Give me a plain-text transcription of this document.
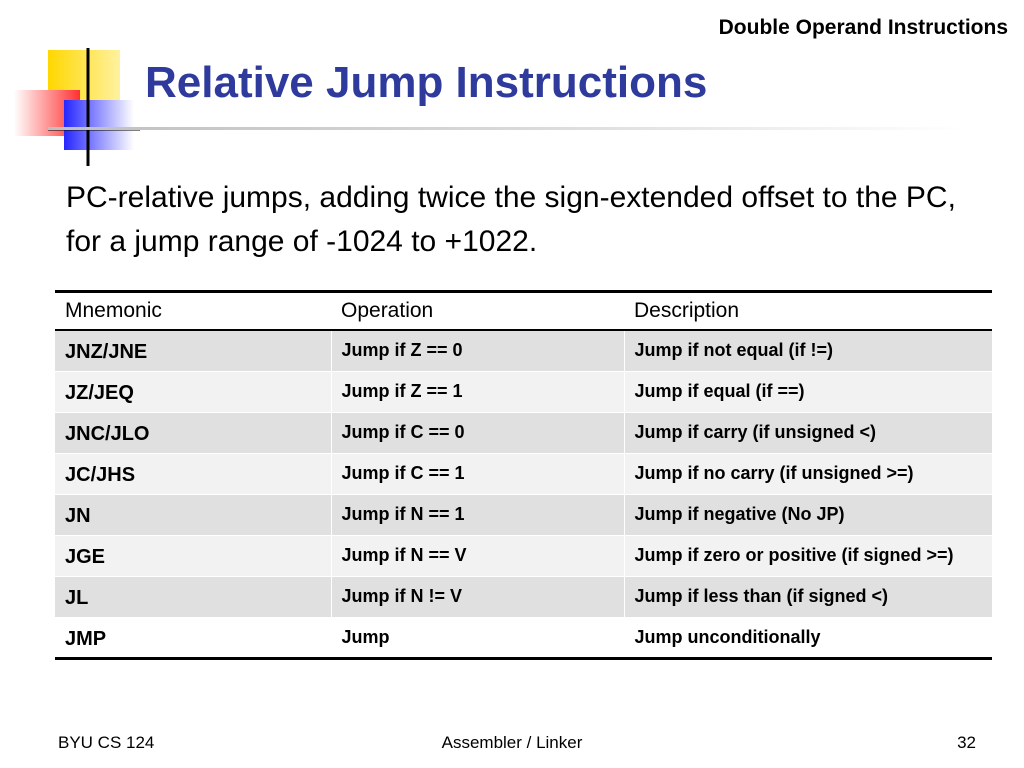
Double Operand Instructions
Relative Jump Instructions
PC-relative jumps, adding twice the sign-extended offset to the PC, for a jump range of -1024 to +1022.
Mnemonic	Operation	Description
JNZ/JNE	Jump if Z == 0	Jump if not equal (if !=)
JZ/JEQ	Jump if Z == 1	Jump if equal (if ==)
JNC/JLO	Jump if C == 0	Jump if carry (if unsigned <)
JC/JHS	Jump if C == 1	Jump if no carry (if unsigned >=)
JN	Jump if N == 1	Jump if negative (No JP)
JGE	Jump if N == V	Jump if zero or positive (if signed >=)
JL	Jump if N != V	Jump if less than (if signed <)
JMP	Jump	Jump unconditionally
BYU CS 124	Assembler / Linker	32
